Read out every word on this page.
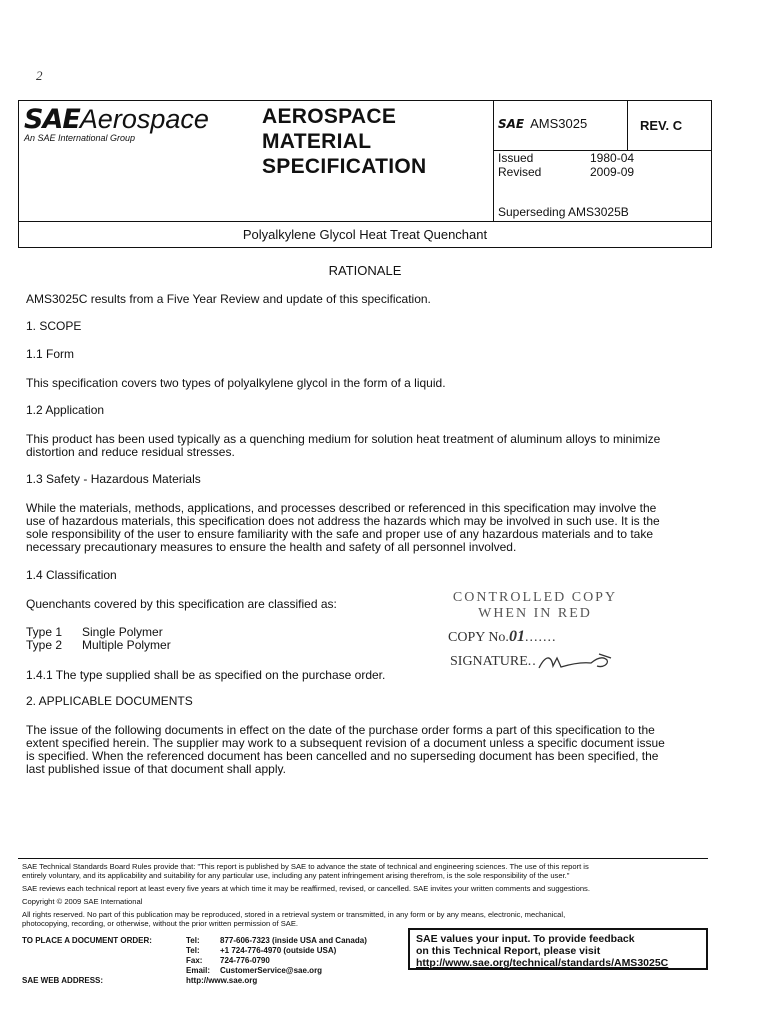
2
SAEAerospace
An SAE International Group
AEROSPACE
MATERIAL
SPECIFICATION
SAE AMS3025	REV. C
Issued	1980-04
Revised	2009-09
Superseding AMS3025B
Polyalkylene Glycol Heat Treat Quenchant
RATIONALE
AMS3025C results from a Five Year Review and update of this specification.
1. SCOPE
1.1 Form
This specification covers two types of polyalkylene glycol in the form of a liquid.
1.2 Application
This product has been used typically as a quenching medium for solution heat treatment of aluminum alloys to minimize
distortion and reduce residual stresses.
1.3 Safety - Hazardous Materials
While the materials, methods, applications, and processes described or referenced in this specification may involve the
use of hazardous materials, this specification does not address the hazards which may be involved in such use. It is the
sole responsibility of the user to ensure familiarity with the safe and proper use of any hazardous materials and to take
necessary precautionary measures to ensure the health and safety of all personnel involved.
1.4 Classification
Quenchants covered by this specification are classified as:
Type 1	Single Polymer
Type 2	Multiple Polymer
1.4.1 The type supplied shall be as specified on the purchase order.
2. APPLICABLE DOCUMENTS
The issue of the following documents in effect on the date of the purchase order forms a part of this specification to the
extent specified herein. The supplier may work to a subsequent revision of a document unless a specific document issue
is specified. When the referenced document has been cancelled and no superseding document has been specified, the
last published issue of that document shall apply.
CONTROLLED COPY
WHEN IN RED
COPY No.01.......
SIGNATURE..
SAE Technical Standards Board Rules provide that: "This report is published by SAE to advance the state of technical and engineering sciences. The use of this report is
entirely voluntary, and its applicability and suitability for any particular use, including any patent infringement arising therefrom, is the sole responsibility of the user."
SAE reviews each technical report at least every five years at which time it may be reaffirmed, revised, or cancelled. SAE invites your written comments and suggestions.
Copyright © 2009 SAE International
All rights reserved. No part of this publication may be reproduced, stored in a retrieval system or transmitted, in any form or by any means, electronic, mechanical,
photocopying, recording, or otherwise, without the prior written permission of SAE.
TO PLACE A DOCUMENT ORDER:	Tel:	877-606-7323 (inside USA and Canada)
Tel:	+1 724-776-4970 (outside USA)
Fax:	724-776-0790
Email:	CustomerService@sae.org
SAE WEB ADDRESS:	http://www.sae.org
SAE values your input. To provide feedback
on this Technical Report, please visit
http://www.sae.org/technical/standards/AMS3025C
